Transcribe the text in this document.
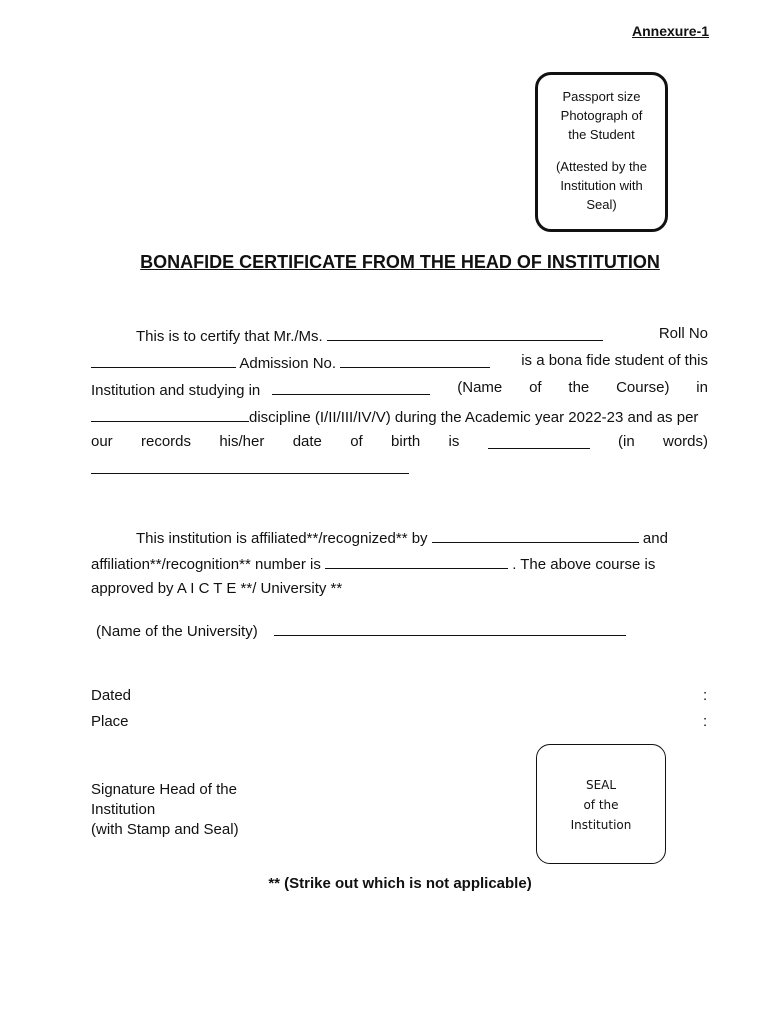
Annexure-1

Passport size
Photograph of
the Student

(Attested by the
Institution with
Seal)

BONAFIDE CERTIFICATE FROM THE HEAD OF INSTITUTION
This is to certify that Mr./Ms.	Roll No
Admission No.	is a bona fide student of this
Institution and studying in	(Name of the Course) in
discipline (I/II/III/IV/V) during the Academic year 2022-23 and as per
our records his/her date of birth is	(in words)
This institution is affiliated**/recognized** by	and
affiliation**/recognition** number is	. The above course is
approved by A I C T E **/ University **
(Name of the University)
Dated	:
Place	:
SEAL
of the
Institution
Signature Head of the
Institution
(with Stamp and Seal)
** (Strike out which is not applicable)
